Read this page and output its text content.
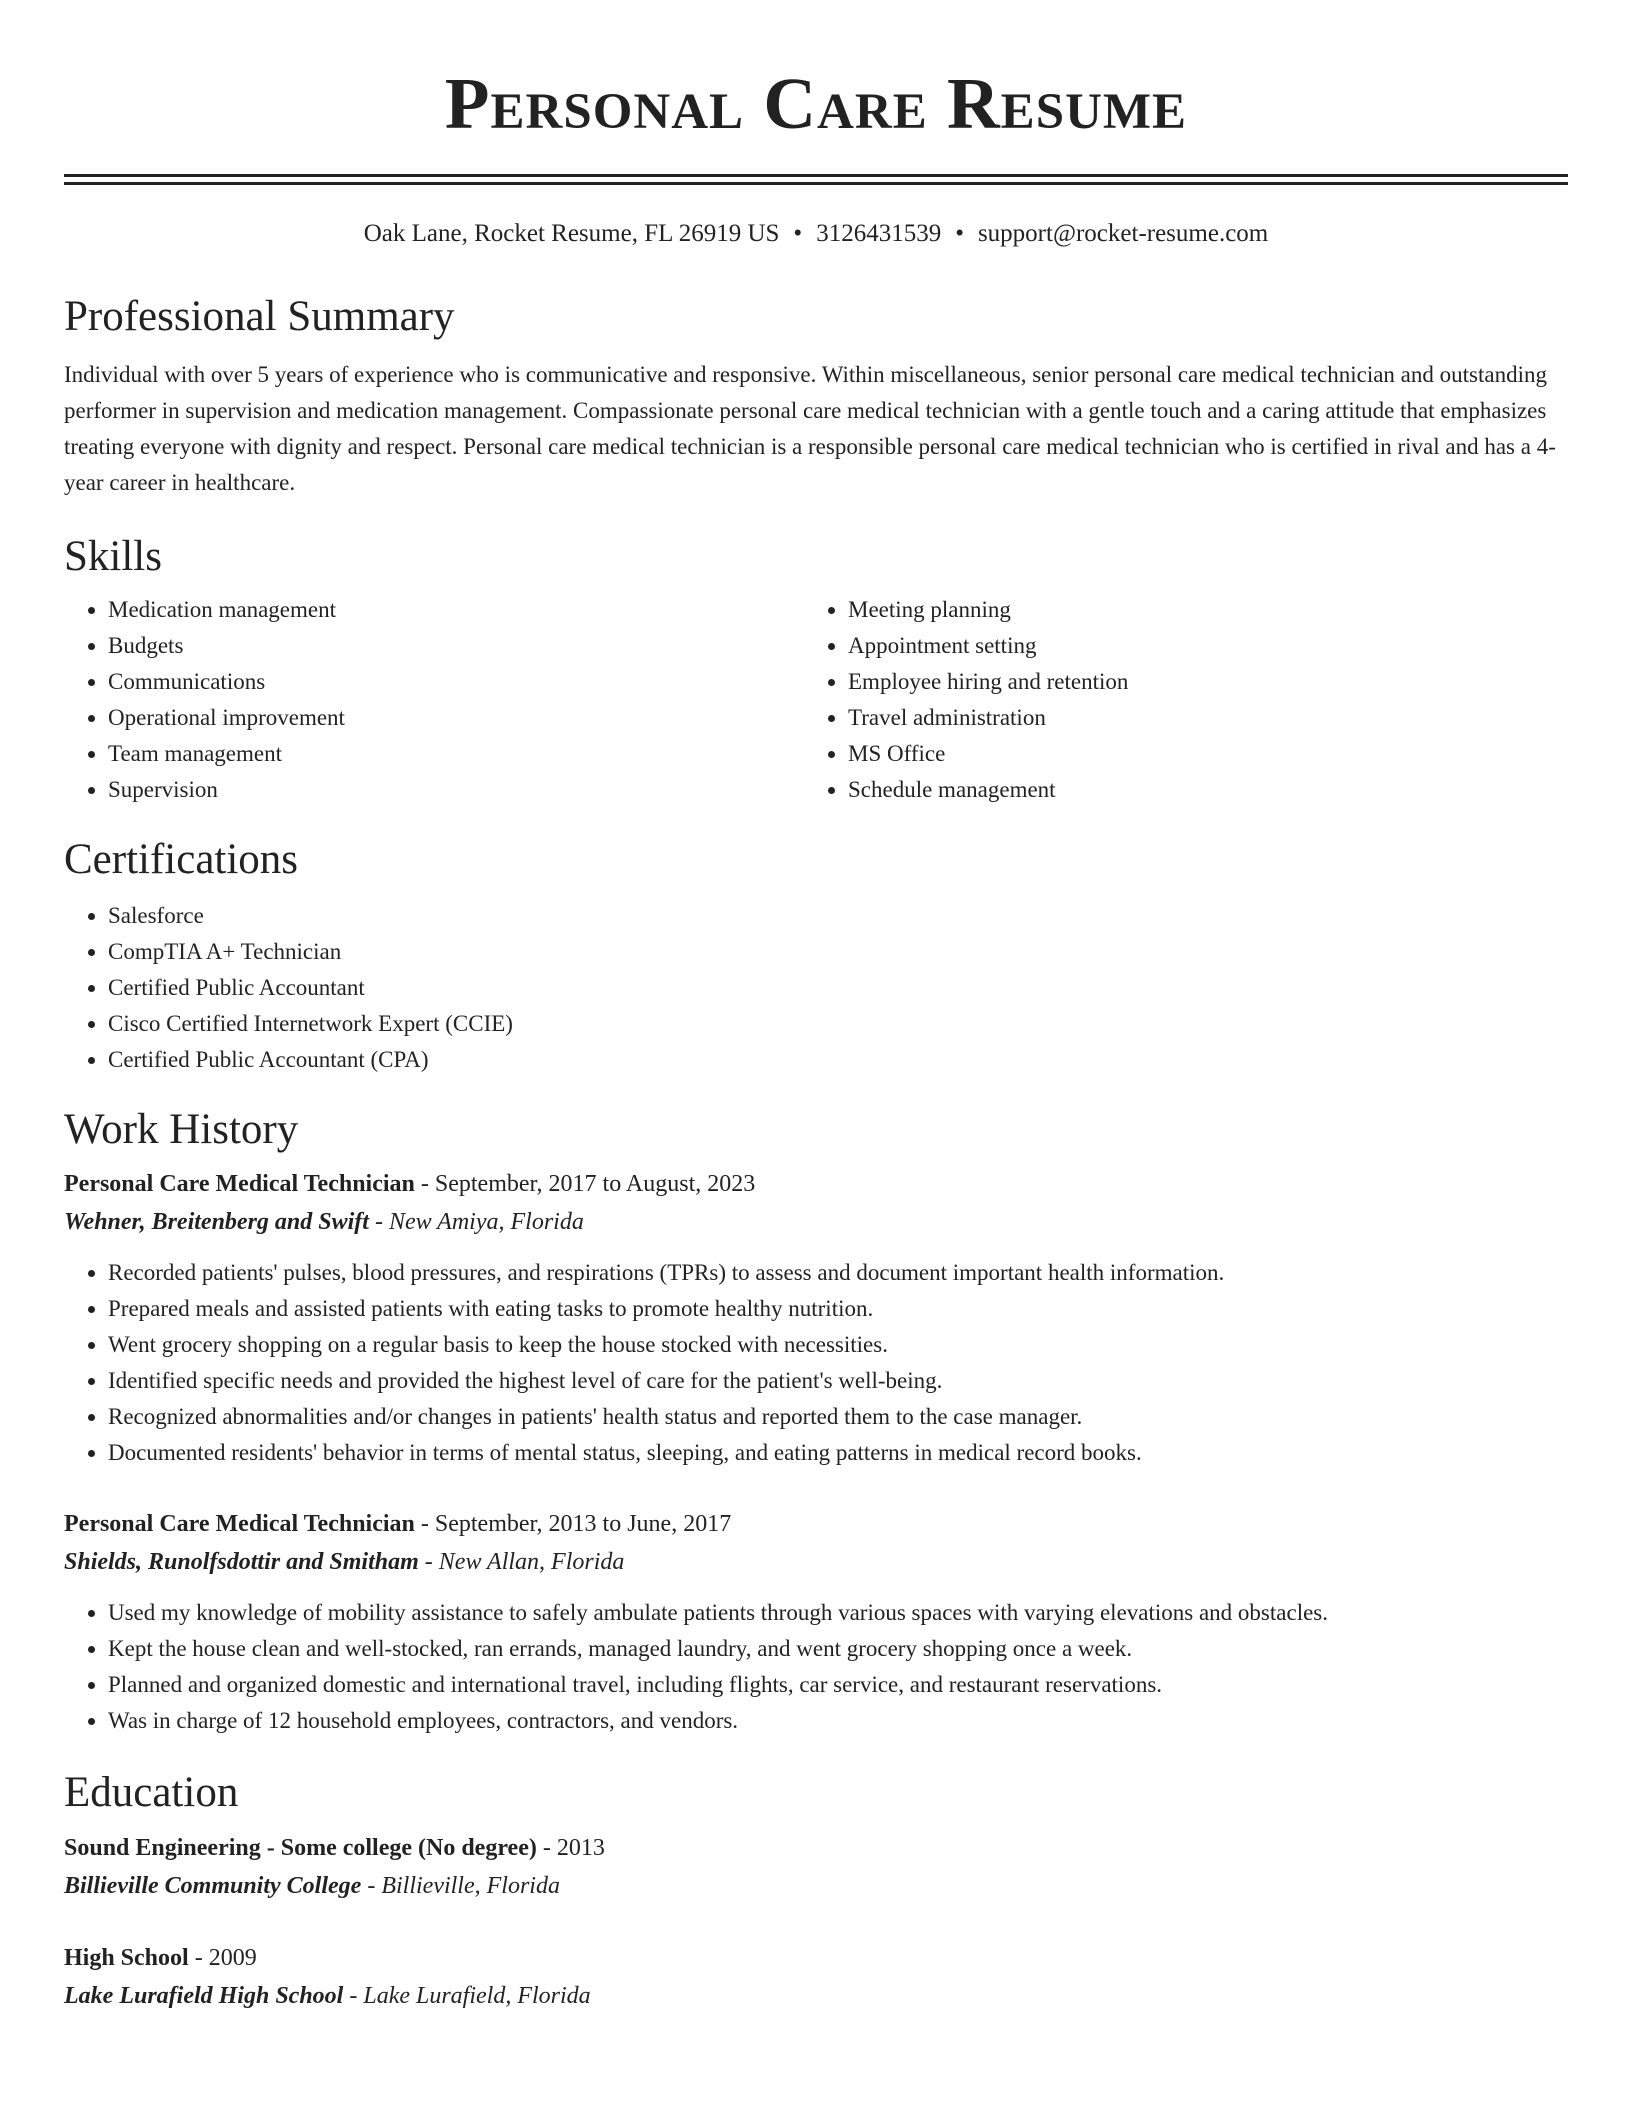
Personal Care Resume
Oak Lane, Rocket Resume, FL 26919 US • 3126431539 • support@rocket-resume.com
Professional Summary

Individual with over 5 years of experience who is communicative and responsive. Within miscellaneous, senior personal care medical technician and outstanding performer in supervision and medication management. Compassionate personal care medical technician with a gentle touch and a caring attitude that emphasizes treating everyone with dignity and respect. Personal care medical technician is a responsible personal care medical technician who is certified in rival and has a 4-year career in healthcare.

Skills
• Medication management
• Budgets
• Communications
• Operational improvement
• Team management
• Supervision
• Meeting planning
• Appointment setting
• Employee hiring and retention
• Travel administration
• MS Office
• Schedule management
Certifications
• Salesforce
• CompTIA A+ Technician
• Certified Public Accountant
• Cisco Certified Internetwork Expert (CCIE)
• Certified Public Accountant (CPA)
Work History
Personal Care Medical Technician - September, 2017 to August, 2023
Wehner, Breitenberg and Swift - New Amiya, Florida
• Recorded patients' pulses, blood pressures, and respirations (TPRs) to assess and document important health information.
• Prepared meals and assisted patients with eating tasks to promote healthy nutrition.
• Went grocery shopping on a regular basis to keep the house stocked with necessities.
• Identified specific needs and provided the highest level of care for the patient's well-being.
• Recognized abnormalities and/or changes in patients' health status and reported them to the case manager.
• Documented residents' behavior in terms of mental status, sleeping, and eating patterns in medical record books.
Personal Care Medical Technician - September, 2013 to June, 2017
Shields, Runolfsdottir and Smitham - New Allan, Florida
• Used my knowledge of mobility assistance to safely ambulate patients through various spaces with varying elevations and obstacles.
• Kept the house clean and well-stocked, ran errands, managed laundry, and went grocery shopping once a week.
• Planned and organized domestic and international travel, including flights, car service, and restaurant reservations.
• Was in charge of 12 household employees, contractors, and vendors.
Education
Sound Engineering - Some college (No degree) - 2013
Billieville Community College - Billieville, Florida
High School - 2009
Lake Lurafield High School - Lake Lurafield, Florida
